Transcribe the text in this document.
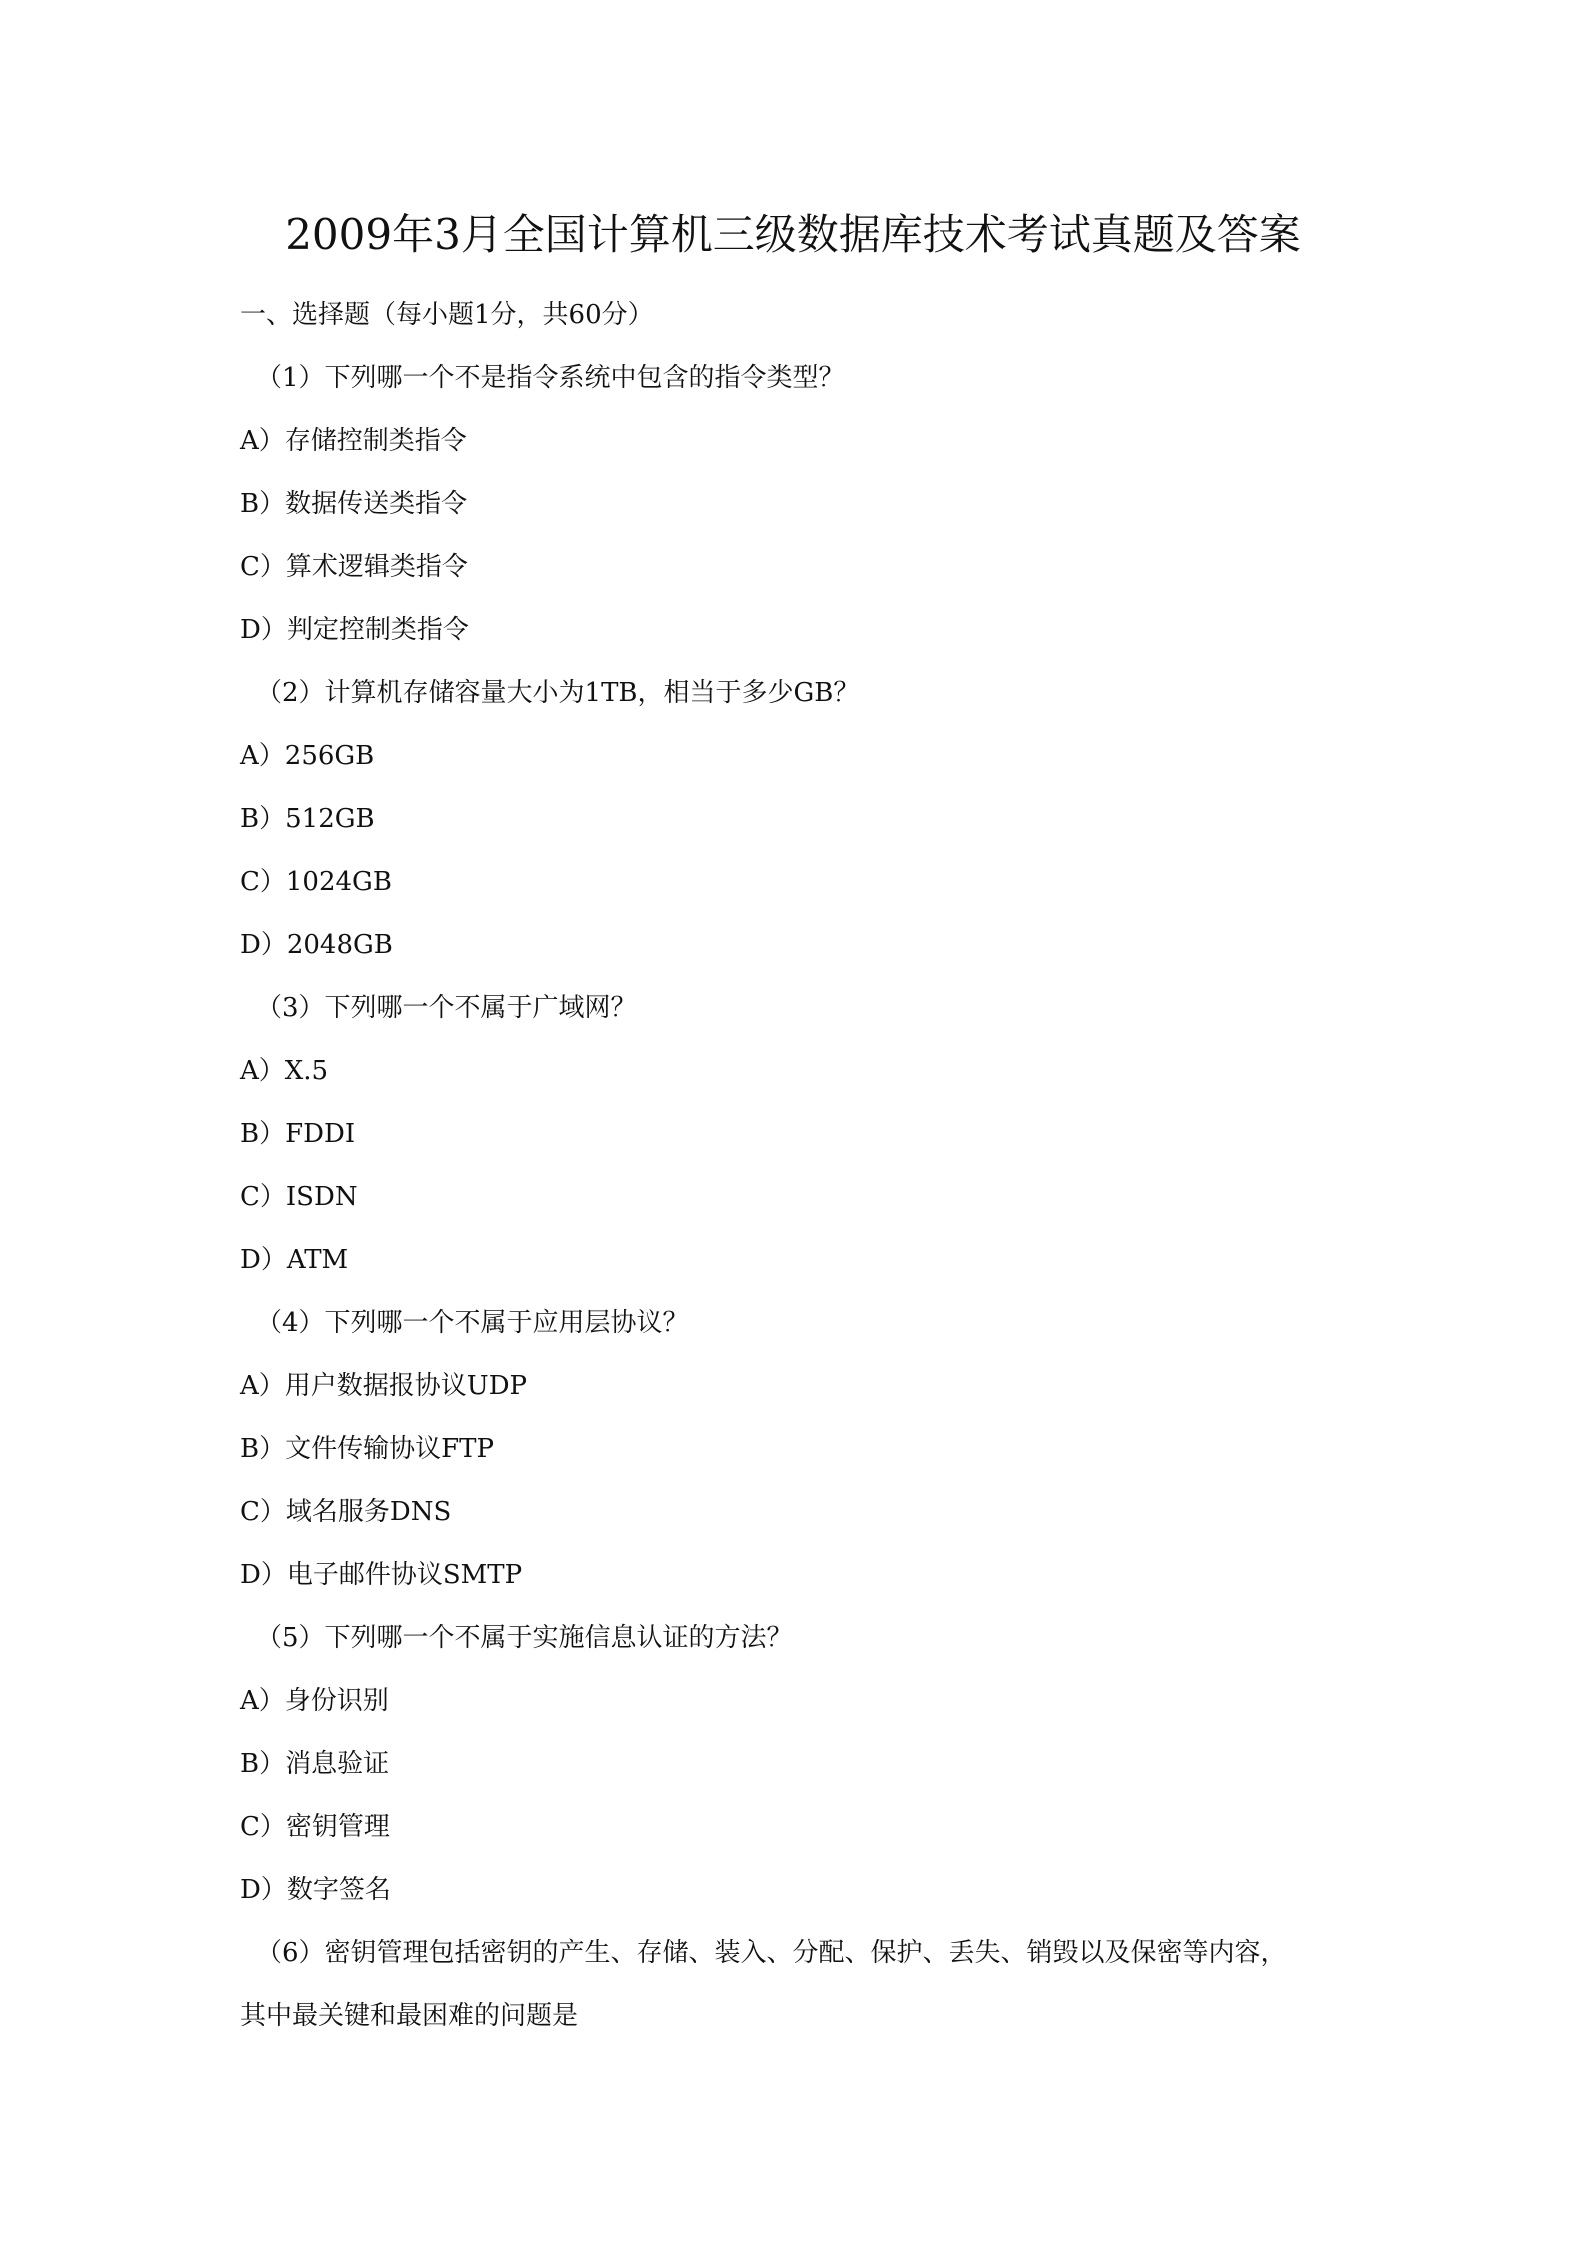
2009年3月全国计算机三级数据库技术考试真题及答案
一、选择题（每小题1分，共60分）
（1）下列哪一个不是指令系统中包含的指令类型？
A）存储控制类指令
B）数据传送类指令
C）算术逻辑类指令
D）判定控制类指令
（2）计算机存储容量大小为1TB，相当于多少GB？
A）256GB
B）512GB
C）1024GB
D）2048GB
（3）下列哪一个不属于广域网？
A）X.5
B）FDDI
C）ISDN
D）ATM
（4）下列哪一个不属于应用层协议？
A）用户数据报协议UDP
B）文件传输协议FTP
C）域名服务DNS
D）电子邮件协议SMTP
（5）下列哪一个不属于实施信息认证的方法？
A）身份识别
B）消息验证
C）密钥管理
D）数字签名
（6）密钥管理包括密钥的产生、存储、装入、分配、保护、丢失、销毁以及保密等内容，
其中最关键和最困难的问题是
